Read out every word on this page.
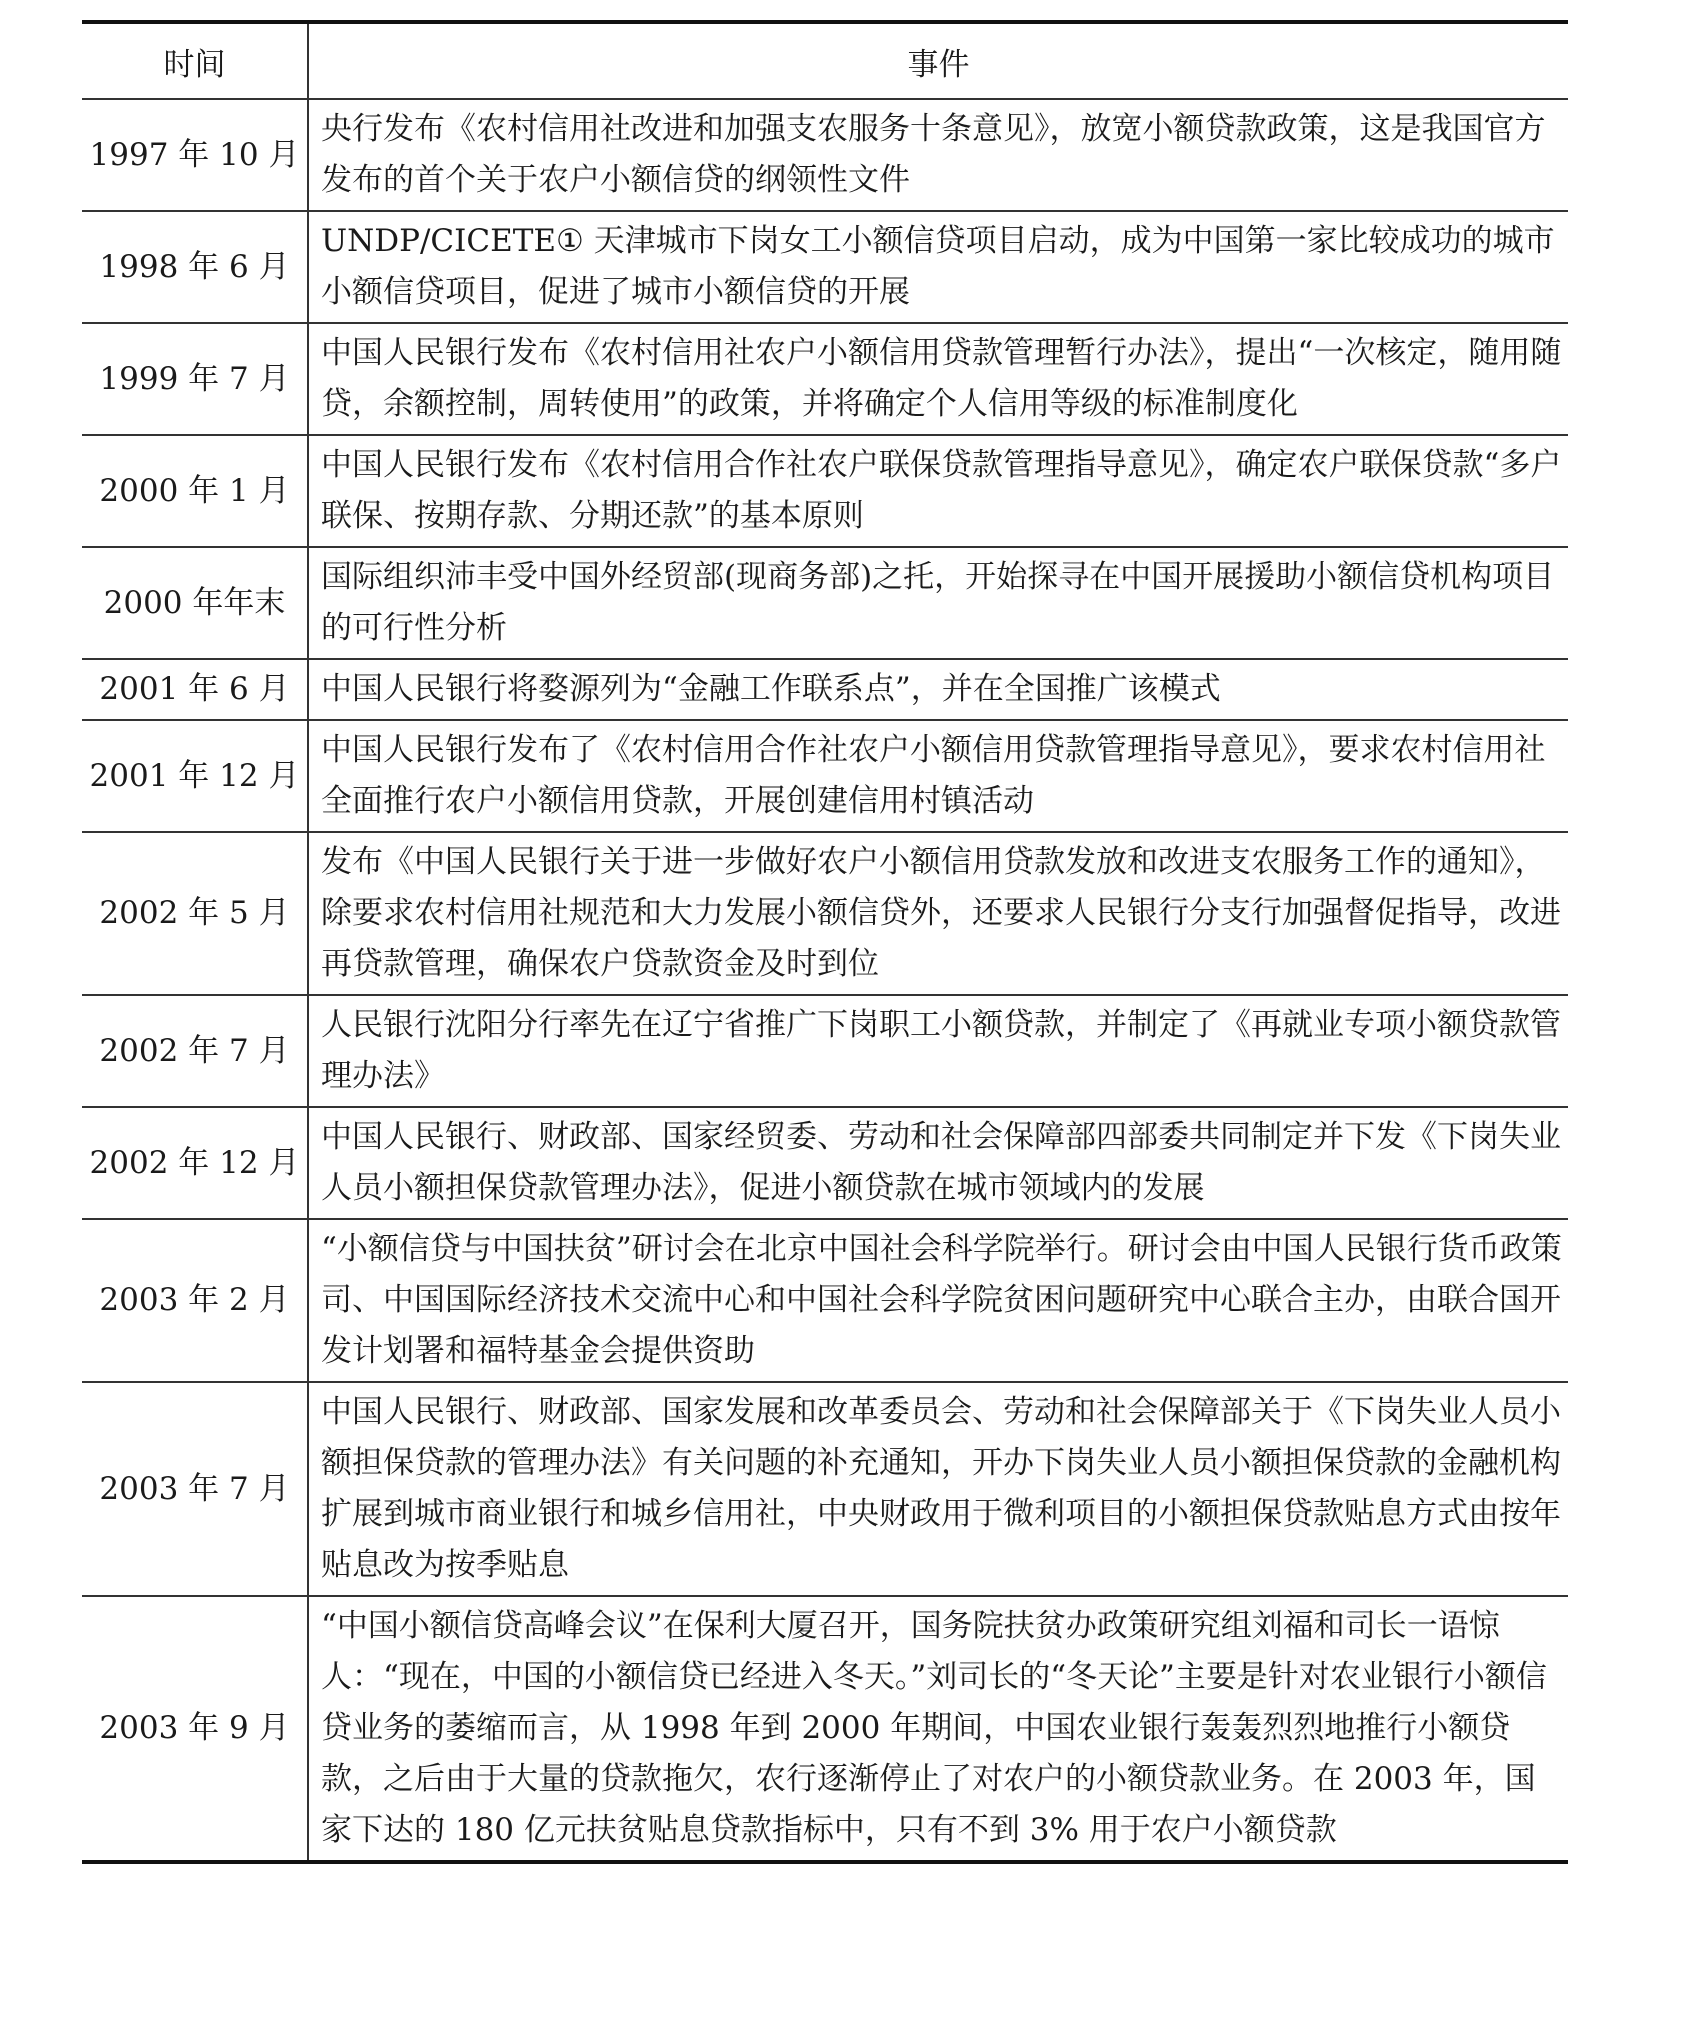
时间	事件
1997 年 10 月	央行发布《农村信用社改进和加强支农服务十条意见》，放宽小额贷款政策，这是我国官方发布的首个关于农户小额信贷的纲领性文件
1998 年 6 月	UNDP/CICETE① 天津城市下岗女工小额信贷项目启动，成为中国第一家比较成功的城市小额信贷项目，促进了城市小额信贷的开展
1999 年 7 月	中国人民银行发布《农村信用社农户小额信用贷款管理暂行办法》，提出“一次核定，随用随贷，余额控制，周转使用”的政策，并将确定个人信用等级的标准制度化
2000 年 1 月	中国人民银行发布《农村信用合作社农户联保贷款管理指导意见》，确定农户联保贷款“多户联保、按期存款、分期还款”的基本原则
2000 年年末	国际组织沛丰受中国外经贸部(现商务部)之托，开始探寻在中国开展援助小额信贷机构项目的可行性分析
2001 年 6 月	中国人民银行将婺源列为“金融工作联系点”，并在全国推广该模式
2001 年 12 月	中国人民银行发布了《农村信用合作社农户小额信用贷款管理指导意见》，要求农村信用社全面推行农户小额信用贷款，开展创建信用村镇活动
2002 年 5 月	发布《中国人民银行关于进一步做好农户小额信用贷款发放和改进支农服务工作的通知》，除要求农村信用社规范和大力发展小额信贷外，还要求人民银行分支行加强督促指导，改进再贷款管理，确保农户贷款资金及时到位
2002 年 7 月	人民银行沈阳分行率先在辽宁省推广下岗职工小额贷款，并制定了《再就业专项小额贷款管理办法》
2002 年 12 月	中国人民银行、财政部、国家经贸委、劳动和社会保障部四部委共同制定并下发《下岗失业人员小额担保贷款管理办法》，促进小额贷款在城市领域内的发展
2003 年 2 月	“小额信贷与中国扶贫”研讨会在北京中国社会科学院举行。研讨会由中国人民银行货币政策司、中国国际经济技术交流中心和中国社会科学院贫困问题研究中心联合主办，由联合国开发计划署和福特基金会提供资助
2003 年 7 月	中国人民银行、财政部、国家发展和改革委员会、劳动和社会保障部关于《下岗失业人员小额担保贷款的管理办法》有关问题的补充通知，开办下岗失业人员小额担保贷款的金融机构扩展到城市商业银行和城乡信用社，中央财政用于微利项目的小额担保贷款贴息方式由按年贴息改为按季贴息
2003 年 9 月	“中国小额信贷高峰会议”在保利大厦召开，国务院扶贫办政策研究组刘福和司长一语惊人：“现在，中国的小额信贷已经进入冬天。”刘司长的“冬天论”主要是针对农业银行小额信贷业务的萎缩而言，从 1998 年到 2000 年期间，中国农业银行轰轰烈烈地推行小额贷款，之后由于大量的贷款拖欠，农行逐渐停止了对农户的小额贷款业务。在 2003 年，国家下达的 180 亿元扶贫贴息贷款指标中，只有不到 3% 用于农户小额贷款
